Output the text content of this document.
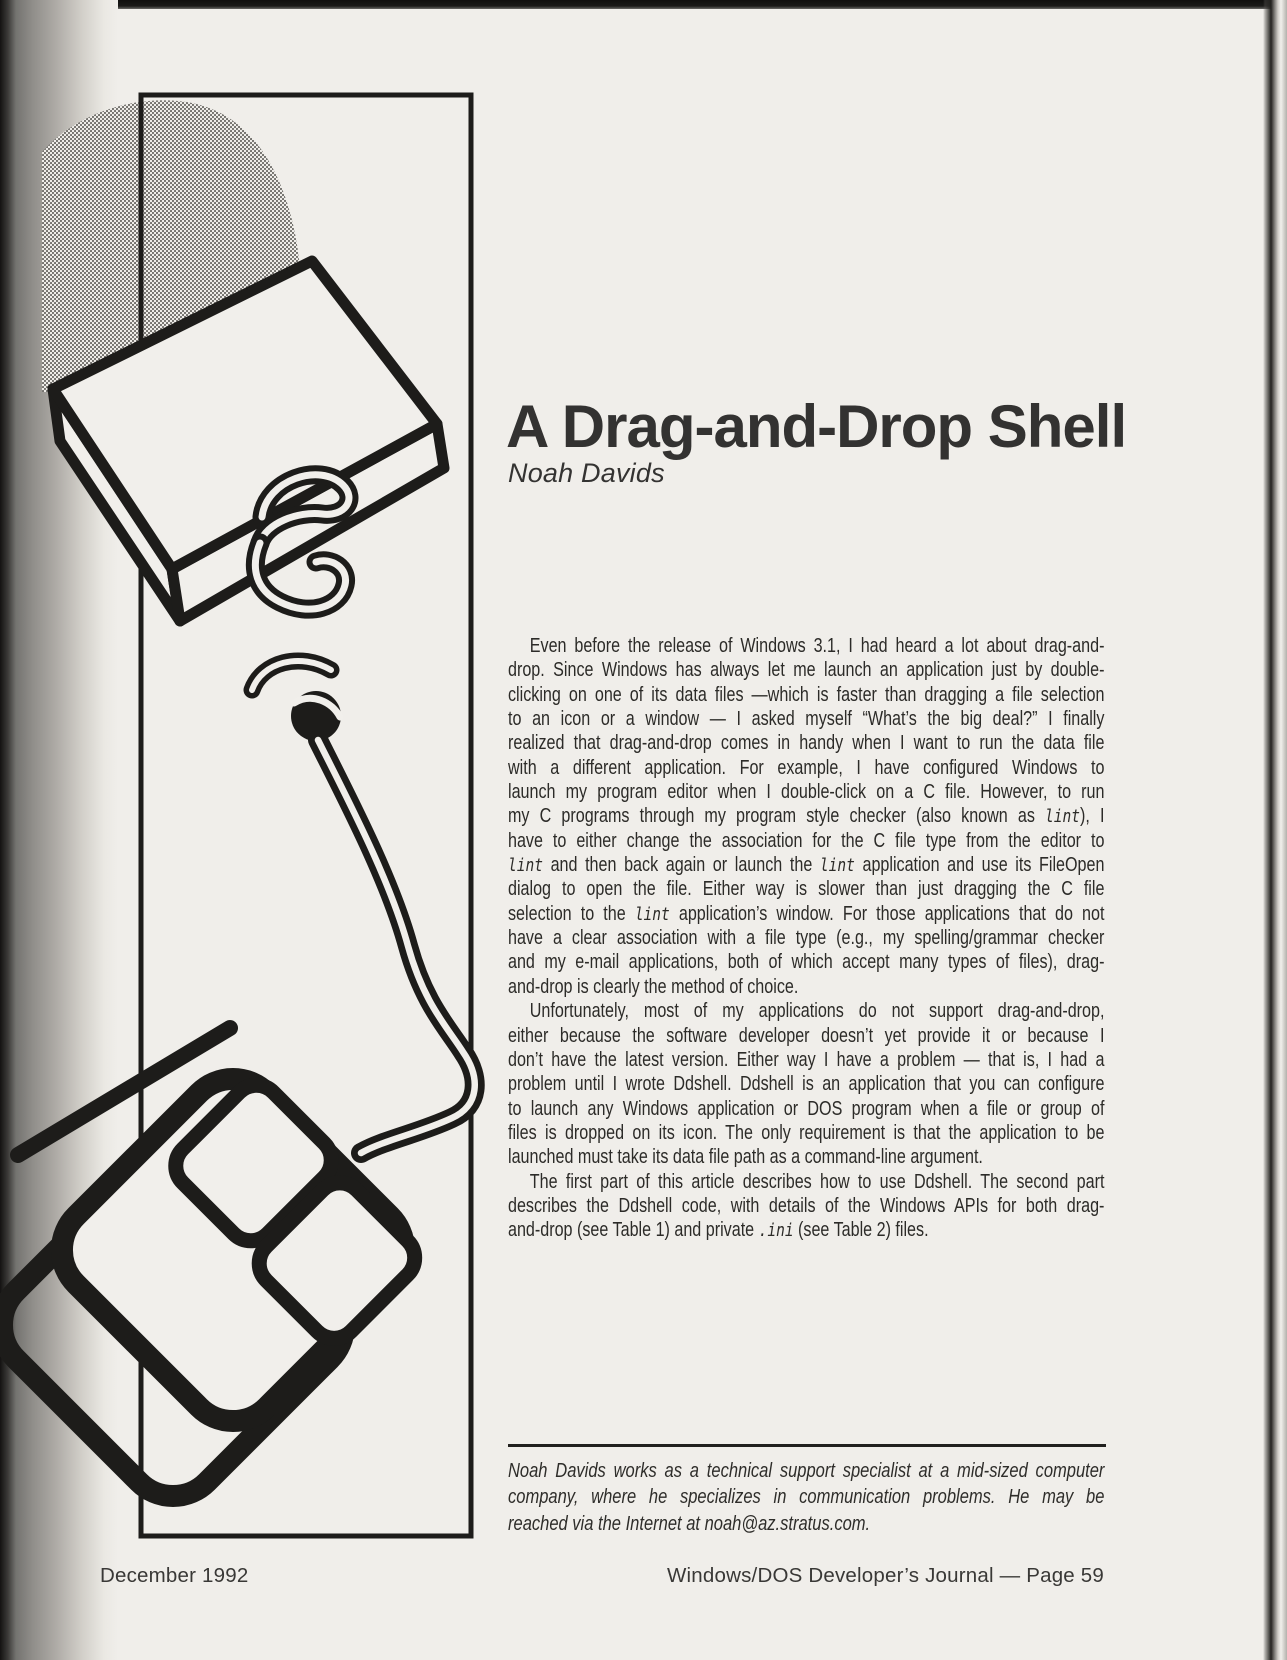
A Drag-and-Drop Shell
Noah Davids
Even before the release of Windows 3.1, I had heard a lot about drag-and-
drop. Since Windows has always let me launch an application just by double-
clicking on one of its data files —which is faster than dragging a file selection
to an icon or a window — I asked myself “What’s the big deal?” I finally
realized that drag-and-drop comes in handy when I want to run the data file
with a different application. For example, I have configured Windows to
launch my program editor when I double-click on a C file. However, to run
my C programs through my program style checker (also known as lint), I
have to either change the association for the C file type from the editor to
lint and then back again or launch the lint application and use its FileOpen
dialog to open the file. Either way is slower than just dragging the C file
selection to the lint application’s window. For those applications that do not
have a clear association with a file type (e.g., my spelling/grammar checker
and my e-mail applications, both of which accept many types of files), drag-
and-drop is clearly the method of choice.
Unfortunately, most of my applications do not support drag-and-drop,
either because the software developer doesn’t yet provide it or because I
don’t have the latest version. Either way I have a problem — that is, I had a
problem until I wrote Ddshell. Ddshell is an application that you can configure
to launch any Windows application or DOS program when a file or group of
files is dropped on its icon. The only requirement is that the application to be
launched must take its data file path as a command-line argument.
The first part of this article describes how to use Ddshell. The second part
describes the Ddshell code, with details of the Windows APIs for both drag-
and-drop (see Table 1) and private .ini (see Table 2) files.
Noah Davids works as a technical support specialist at a mid-sized computer
company, where he specializes in communication problems. He may be
reached via the Internet at noah@az.stratus.com.
December 1992	Windows/DOS Developer’s Journal — Page 59
